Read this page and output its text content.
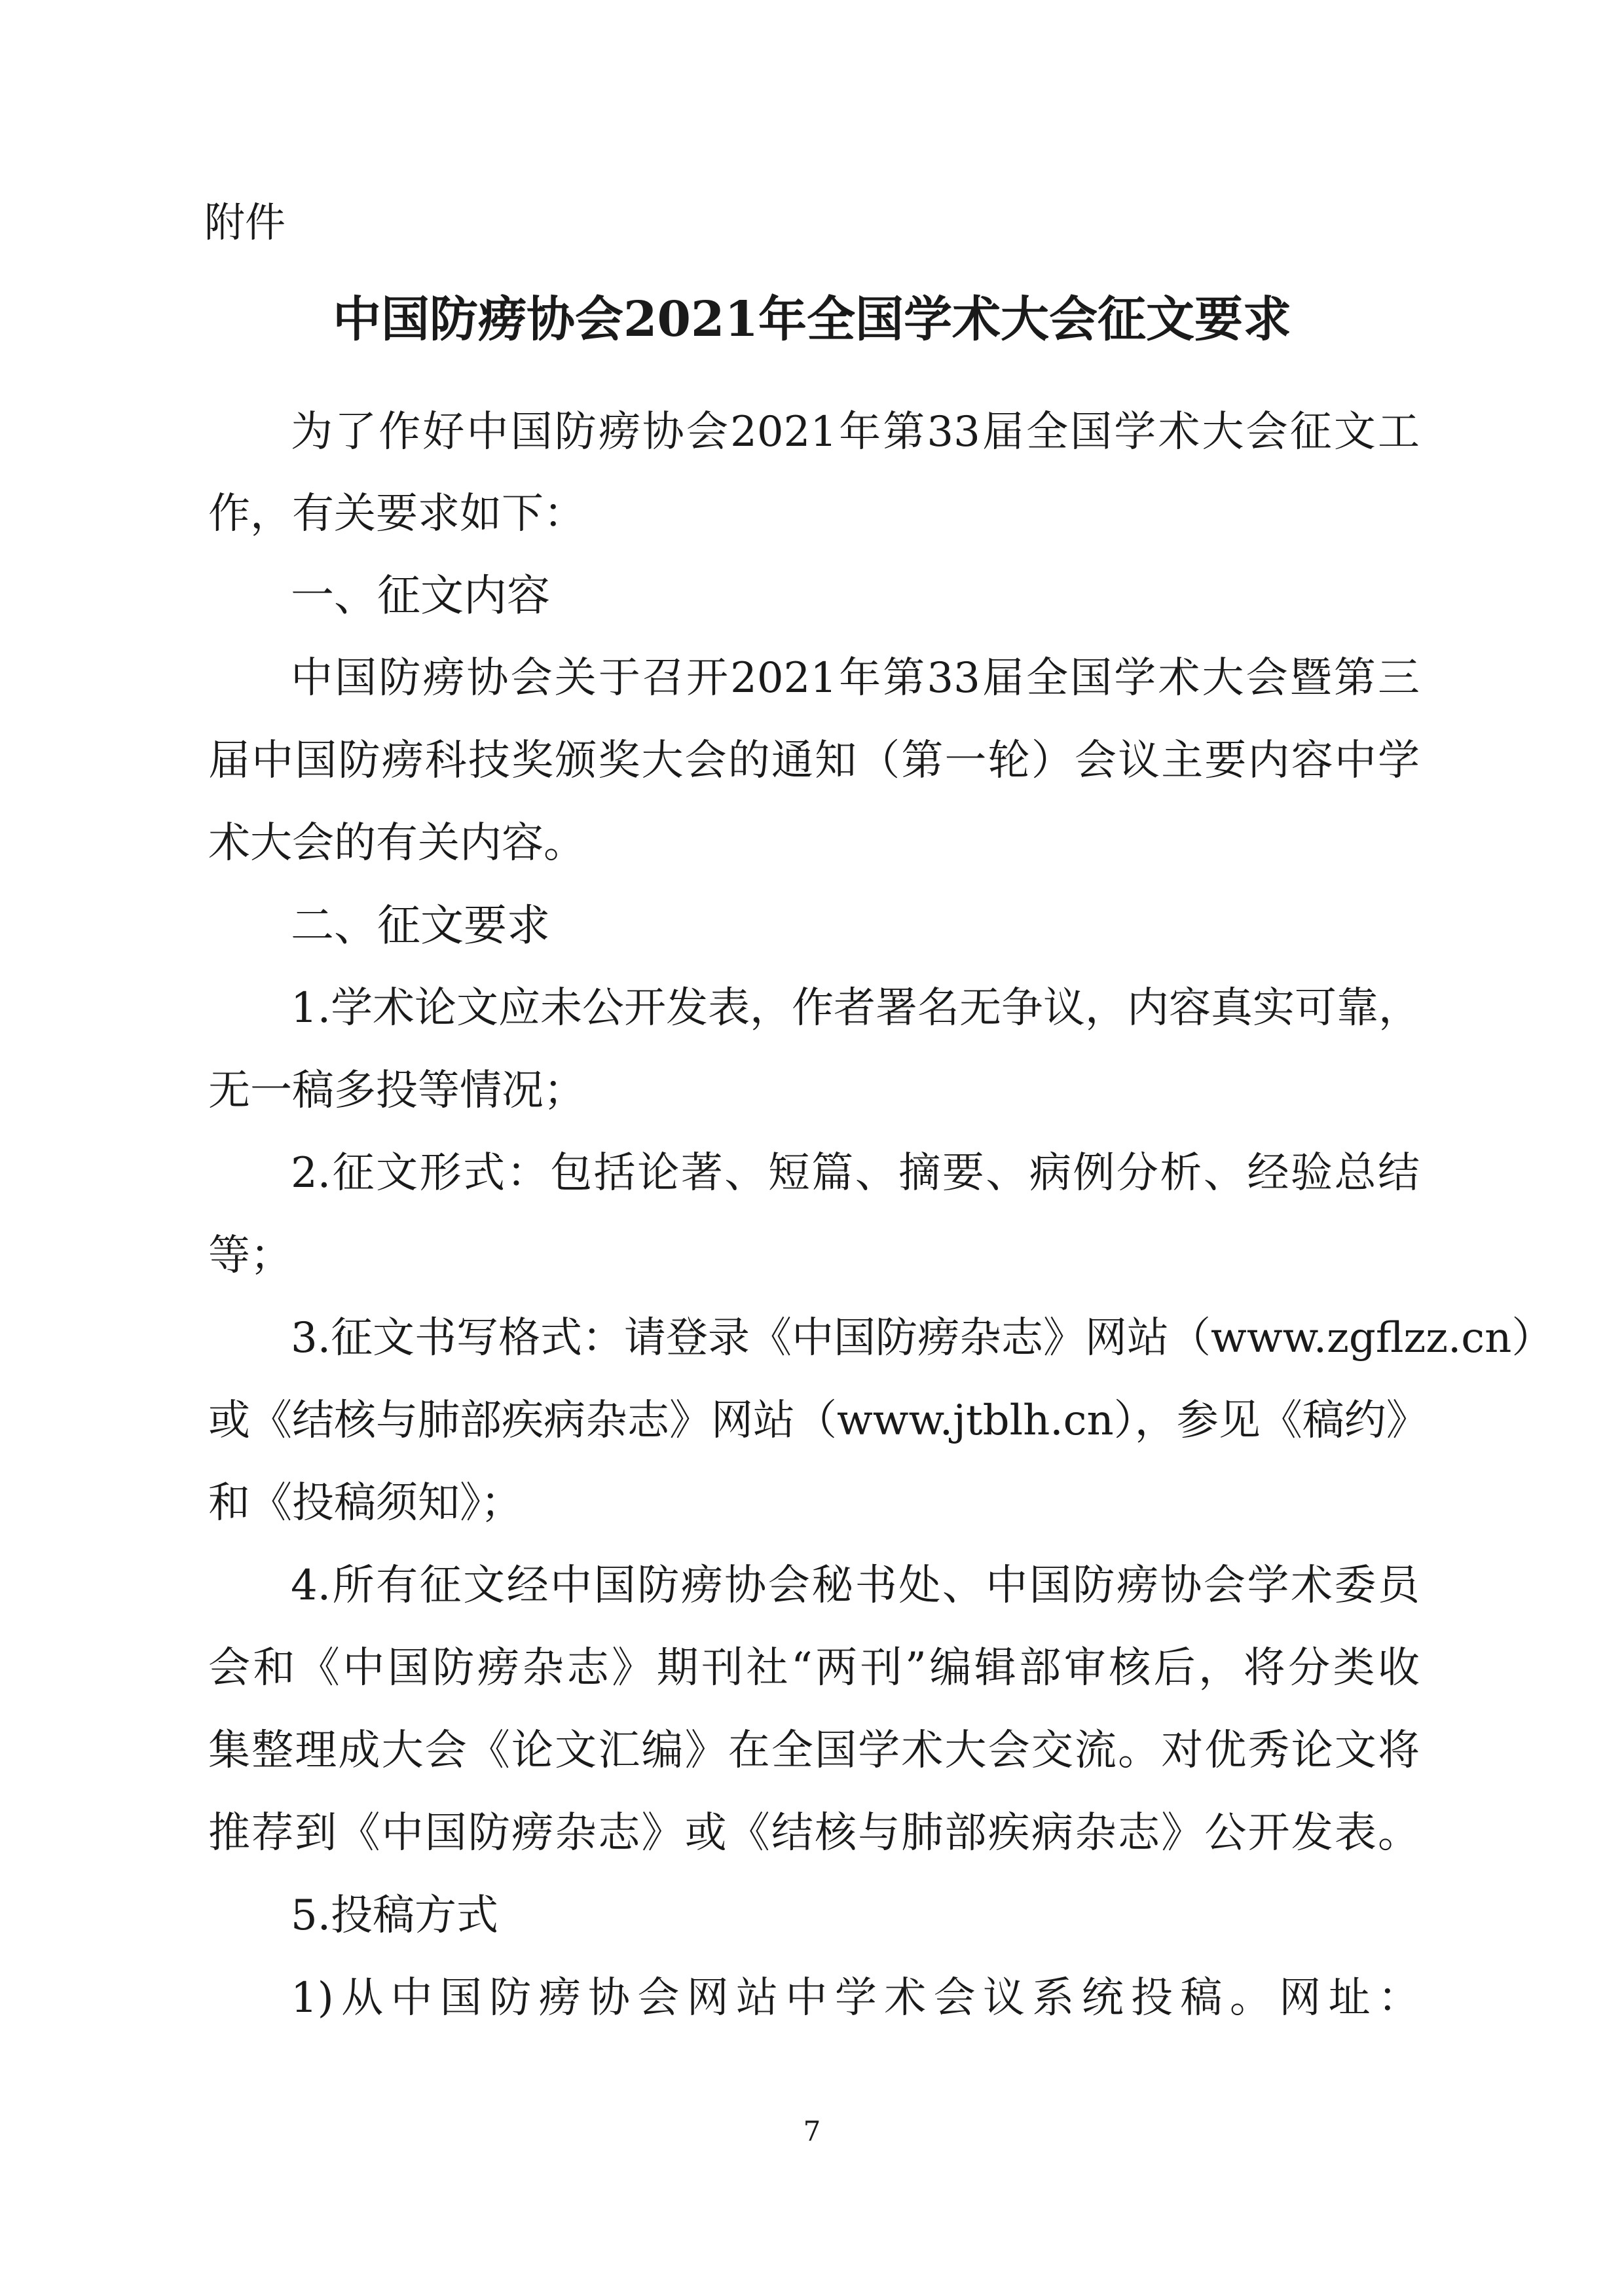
附件
中国防痨协会2021年全国学术大会征文要求
为了作好中国防痨协会2021年第33届全国学术大会征文工
作，有关要求如下：
一、征文内容
中国防痨协会关于召开2021年第33届全国学术大会暨第三
届中国防痨科技奖颁奖大会的通知（第一轮）会议主要内容中学
术大会的有关内容。
二、征文要求
1.学术论文应未公开发表，作者署名无争议，内容真实可靠，
无一稿多投等情况；
2.征文形式：包括论著、短篇、摘要、病例分析、经验总结
等；
3.征文书写格式：请登录《中国防痨杂志》网站（www.zgflzz.cn）
或《结核与肺部疾病杂志》网站（www.jtblh.cn），参见《稿约》
和《投稿须知》；
4.所有征文经中国防痨协会秘书处、中国防痨协会学术委员
会和《中国防痨杂志》期刊社“两刊”编辑部审核后，将分类收
集整理成大会《论文汇编》在全国学术大会交流。对优秀论文将
推荐到《中国防痨杂志》或《结核与肺部疾病杂志》公开发表。
5.投稿方式
1)从中国防痨协会网站中学术会议系统投稿。网址：
7
